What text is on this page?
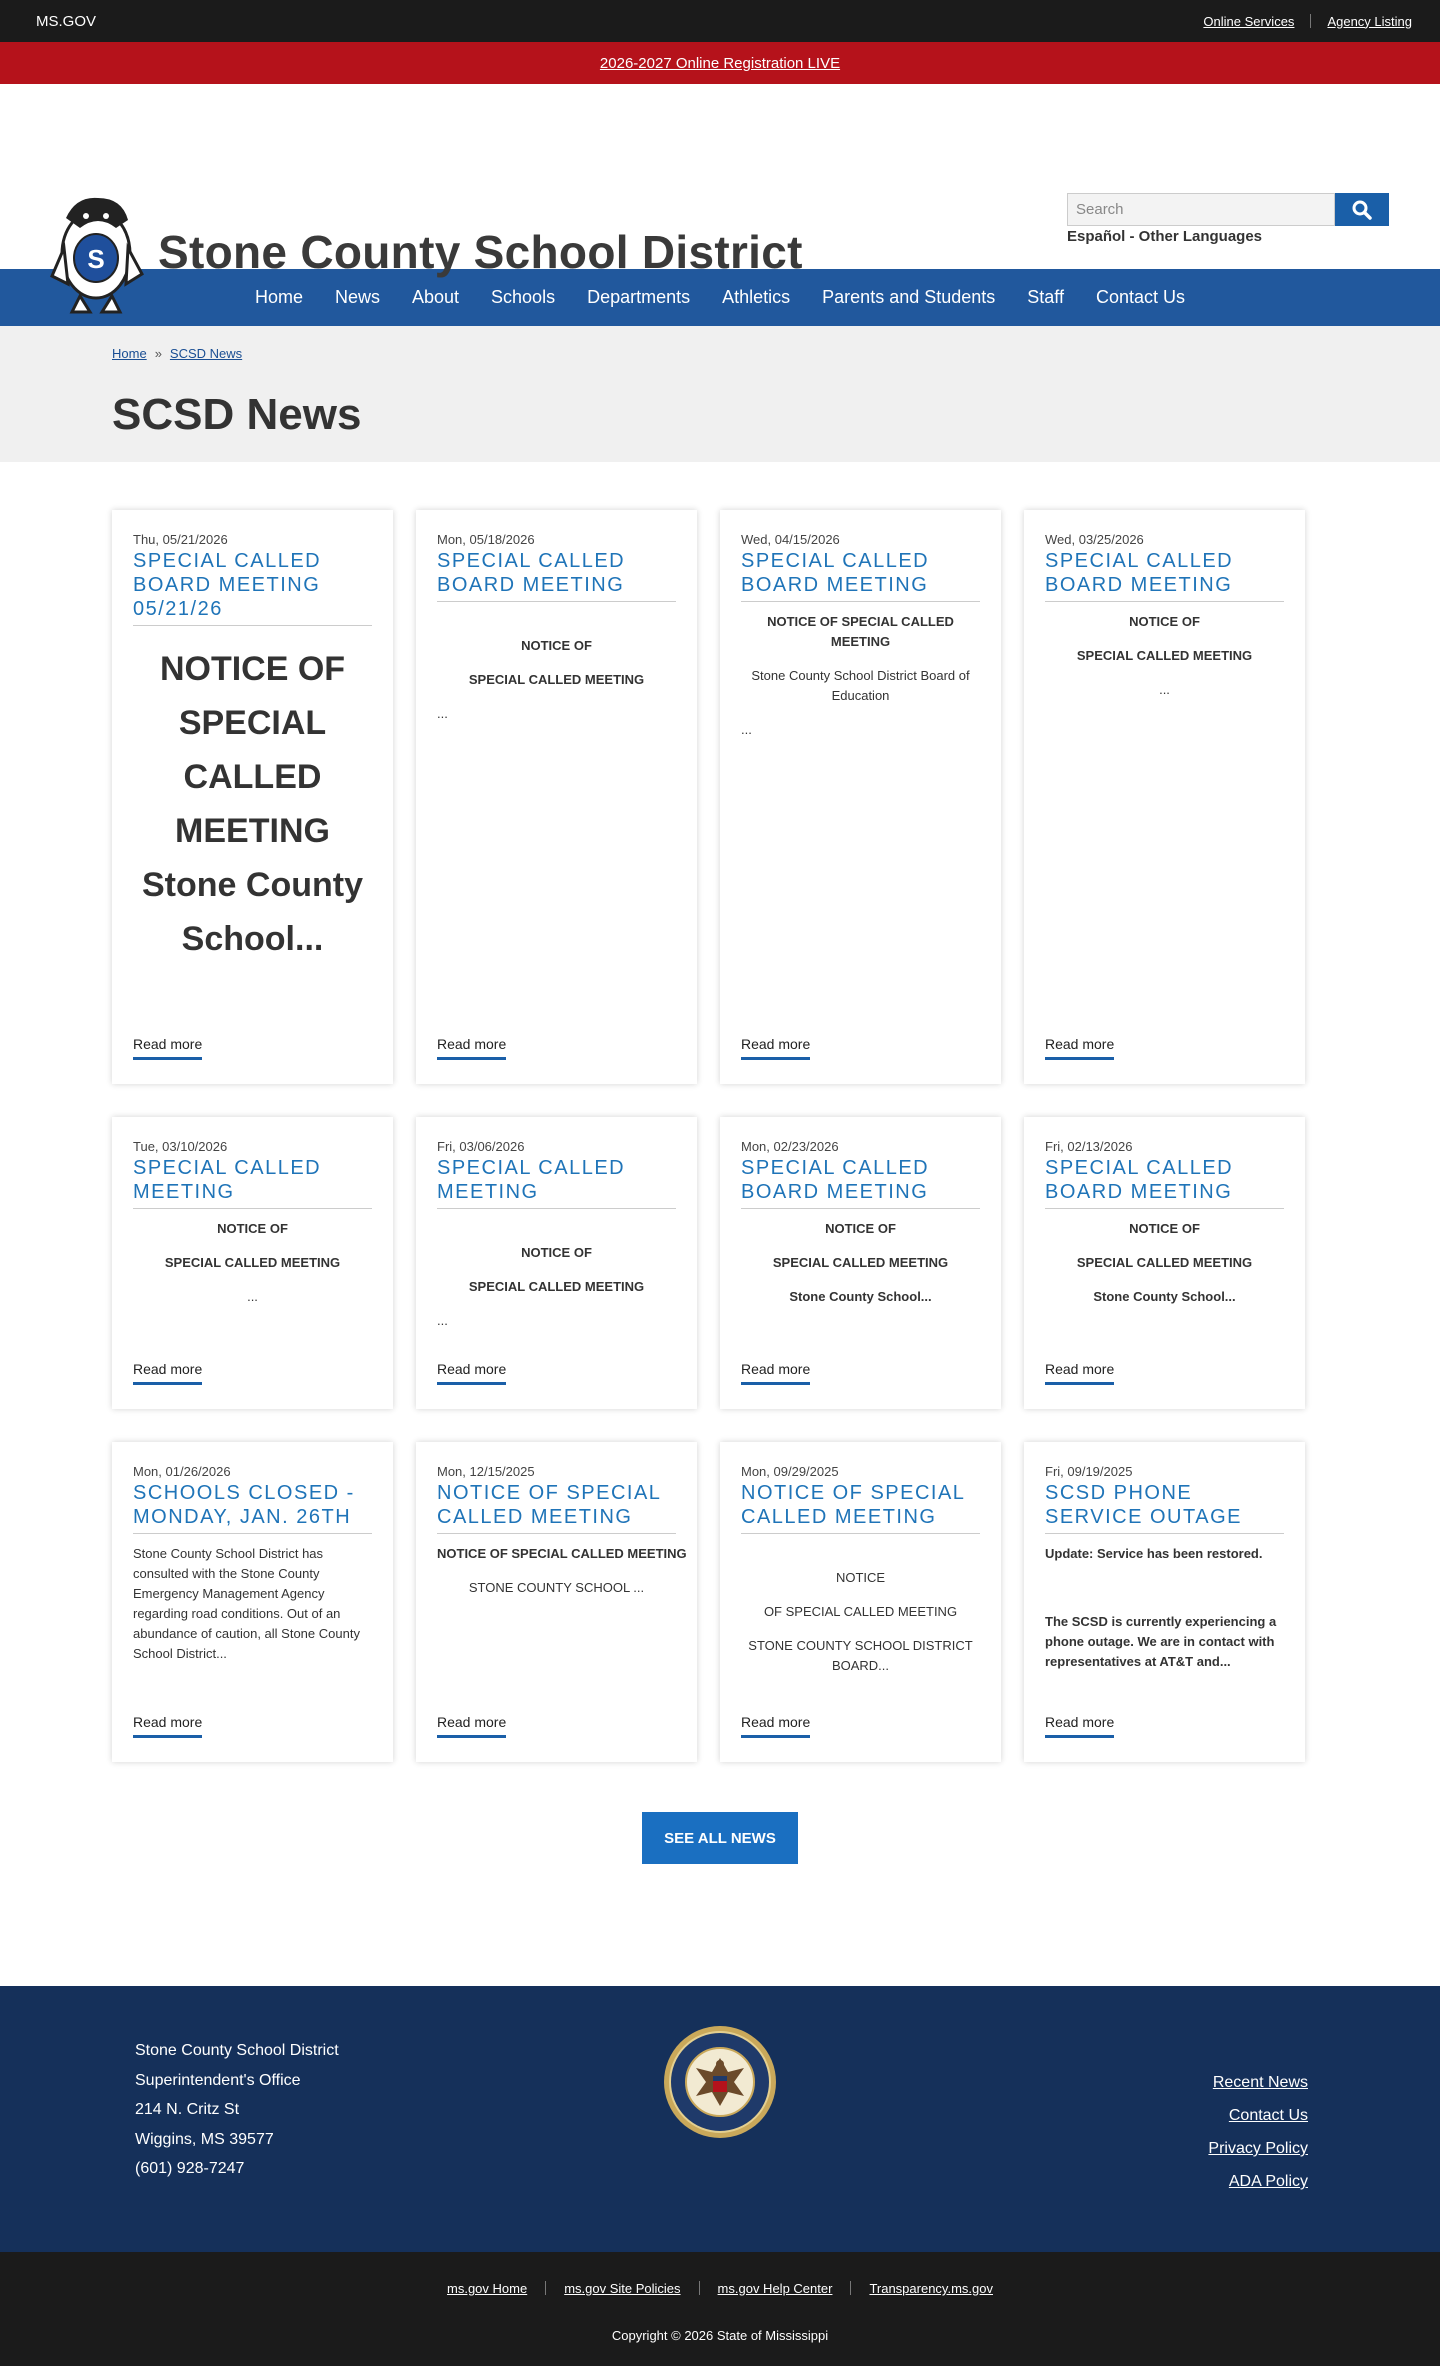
MS.GOV	Online Services	Agency Listing
2026-2027 Online Registration LIVE
S Stone County School District
Search	Español - Other Languages
Home News About Schools Departments Athletics Parents and Students Staff Contact Us
Home » SCSD News
SCSD News
Thu, 05/21/2026
SPECIAL CALLED BOARD MEETING 05/21/26
NOTICE OF SPECIAL CALLED MEETING Stone County School...
Read more
Mon, 05/18/2026
SPECIAL CALLED BOARD MEETING

NOTICE OF

SPECIAL CALLED MEETING

...

Read more
Wed, 04/15/2026
SPECIAL CALLED BOARD MEETING

NOTICE OF SPECIAL CALLED MEETING

Stone County School District Board of Education

...

Read more
Wed, 03/25/2026
SPECIAL CALLED BOARD MEETING

NOTICE OF

SPECIAL CALLED MEETING

...

Read more
Tue, 03/10/2026
SPECIAL CALLED MEETING

NOTICE OF

SPECIAL CALLED MEETING

...

Read more
Fri, 03/06/2026
SPECIAL CALLED MEETING

NOTICE OF

SPECIAL CALLED MEETING

...

Read more
Mon, 02/23/2026
SPECIAL CALLED BOARD MEETING

NOTICE OF

SPECIAL CALLED MEETING

Stone County School...

Read more
Fri, 02/13/2026
SPECIAL CALLED BOARD MEETING

NOTICE OF

SPECIAL CALLED MEETING

Stone County School...

Read more
Mon, 01/26/2026
SCHOOLS CLOSED - MONDAY, JAN. 26TH

Stone County School District has consulted with the Stone County Emergency Management Agency regarding road conditions. Out of an abundance of caution, all Stone County School District...

Read more
Mon, 12/15/2025
NOTICE OF SPECIAL CALLED MEETING

NOTICE OF SPECIAL CALLED MEETING

STONE COUNTY SCHOOL ...

Read more
Mon, 09/29/2025
NOTICE OF SPECIAL CALLED MEETING

NOTICE

OF SPECIAL CALLED MEETING

STONE COUNTY SCHOOL DISTRICT BOARD...

Read more
Fri, 09/19/2025
SCSD PHONE SERVICE OUTAGE

Update: Service has been restored.

The SCSD is currently experiencing a phone outage. We are in contact with representatives at AT&T and...

Read more
SEE ALL NEWS
Stone County School District
Superintendent's Office
214 N. Critz St
Wiggins, MS 39577
(601) 928-7247
Recent News
Contact Us
Privacy Policy
ADA Policy
ms.gov Home	ms.gov Site Policies	ms.gov Help Center	Transparency.ms.gov
Copyright © 2026 State of Mississippi
